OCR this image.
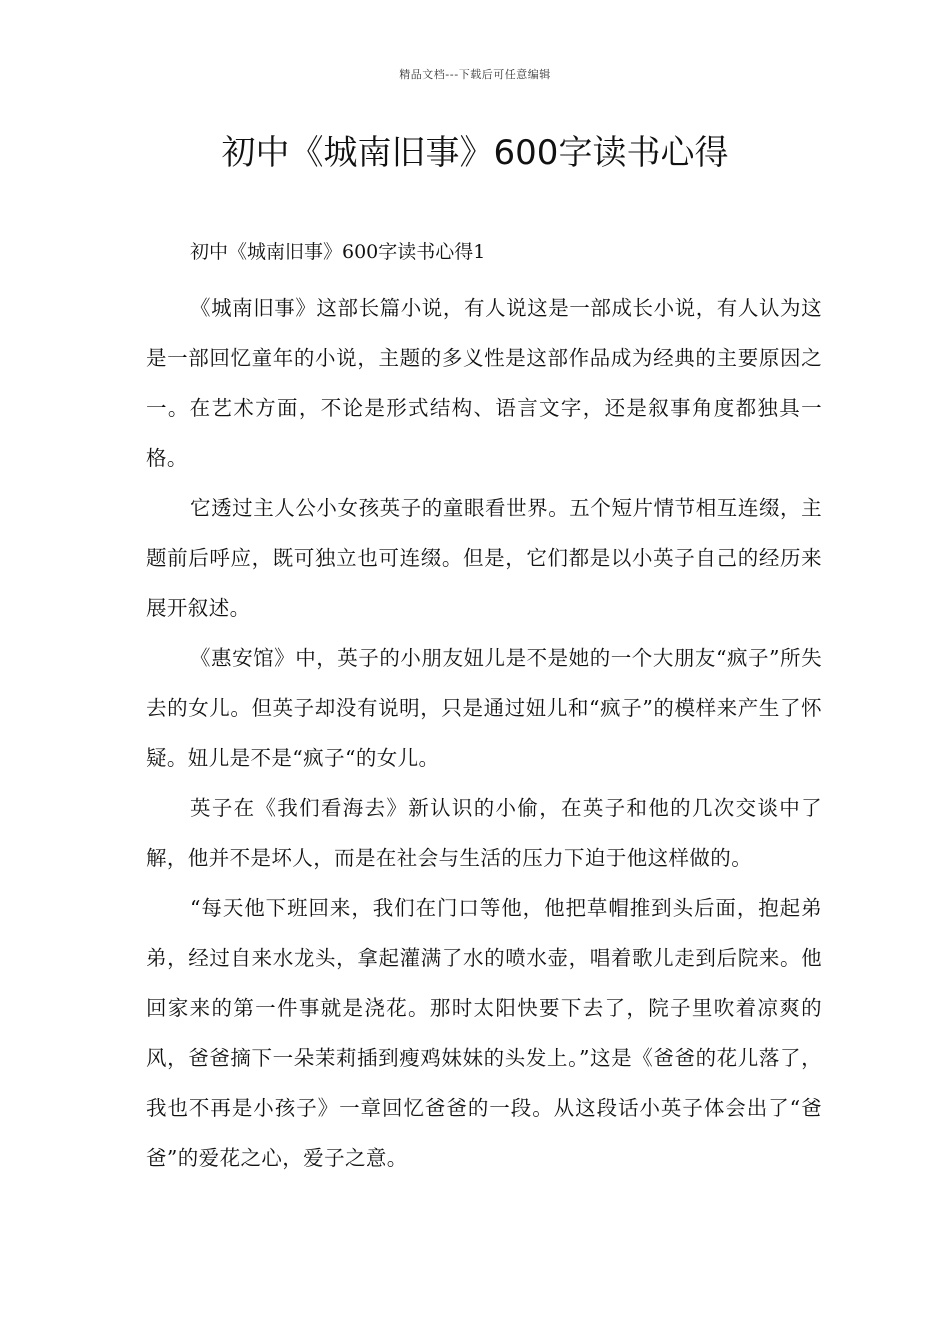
精品文档---下载后可任意编辑
初中《城南旧事》600字读书心得

初中《城南旧事》600字读书心得1

《城南旧事》这部长篇小说，有人说这是一部成长小说，有人认为这是一部回忆童年的小说，主题的多义性是这部作品成为经典的主要原因之一。在艺术方面，不论是形式结构、语言文字，还是叙事角度都独具一格。

它透过主人公小女孩英子的童眼看世界。五个短片情节相互连缀，主题前后呼应，既可独立也可连缀。但是，它们都是以小英子自己的经历来展开叙述。

《惠安馆》中，英子的小朋友妞儿是不是她的一个大朋友“疯子”所失去的女儿。但英子却没有说明，只是通过妞儿和“疯子”的模样来产生了怀疑。妞儿是不是“疯子“的女儿。

英子在《我们看海去》新认识的小偷，在英子和他的几次交谈中了解，他并不是坏人，而是在社会与生活的压力下迫于他这样做的。

“每天他下班回来，我们在门口等他，他把草帽推到头后面，抱起弟弟，经过自来水龙头，拿起灌满了水的喷水壶，唱着歌儿走到后院来。他回家来的第一件事就是浇花。那时太阳快要下去了，院子里吹着凉爽的风，爸爸摘下一朵茉莉插到瘦鸡妹妹的头发上。”这是《爸爸的花儿落了，我也不再是小孩子》一章回忆爸爸的一段。从这段话小英子体会出了“爸爸”的爱花之心，爱子之意。
